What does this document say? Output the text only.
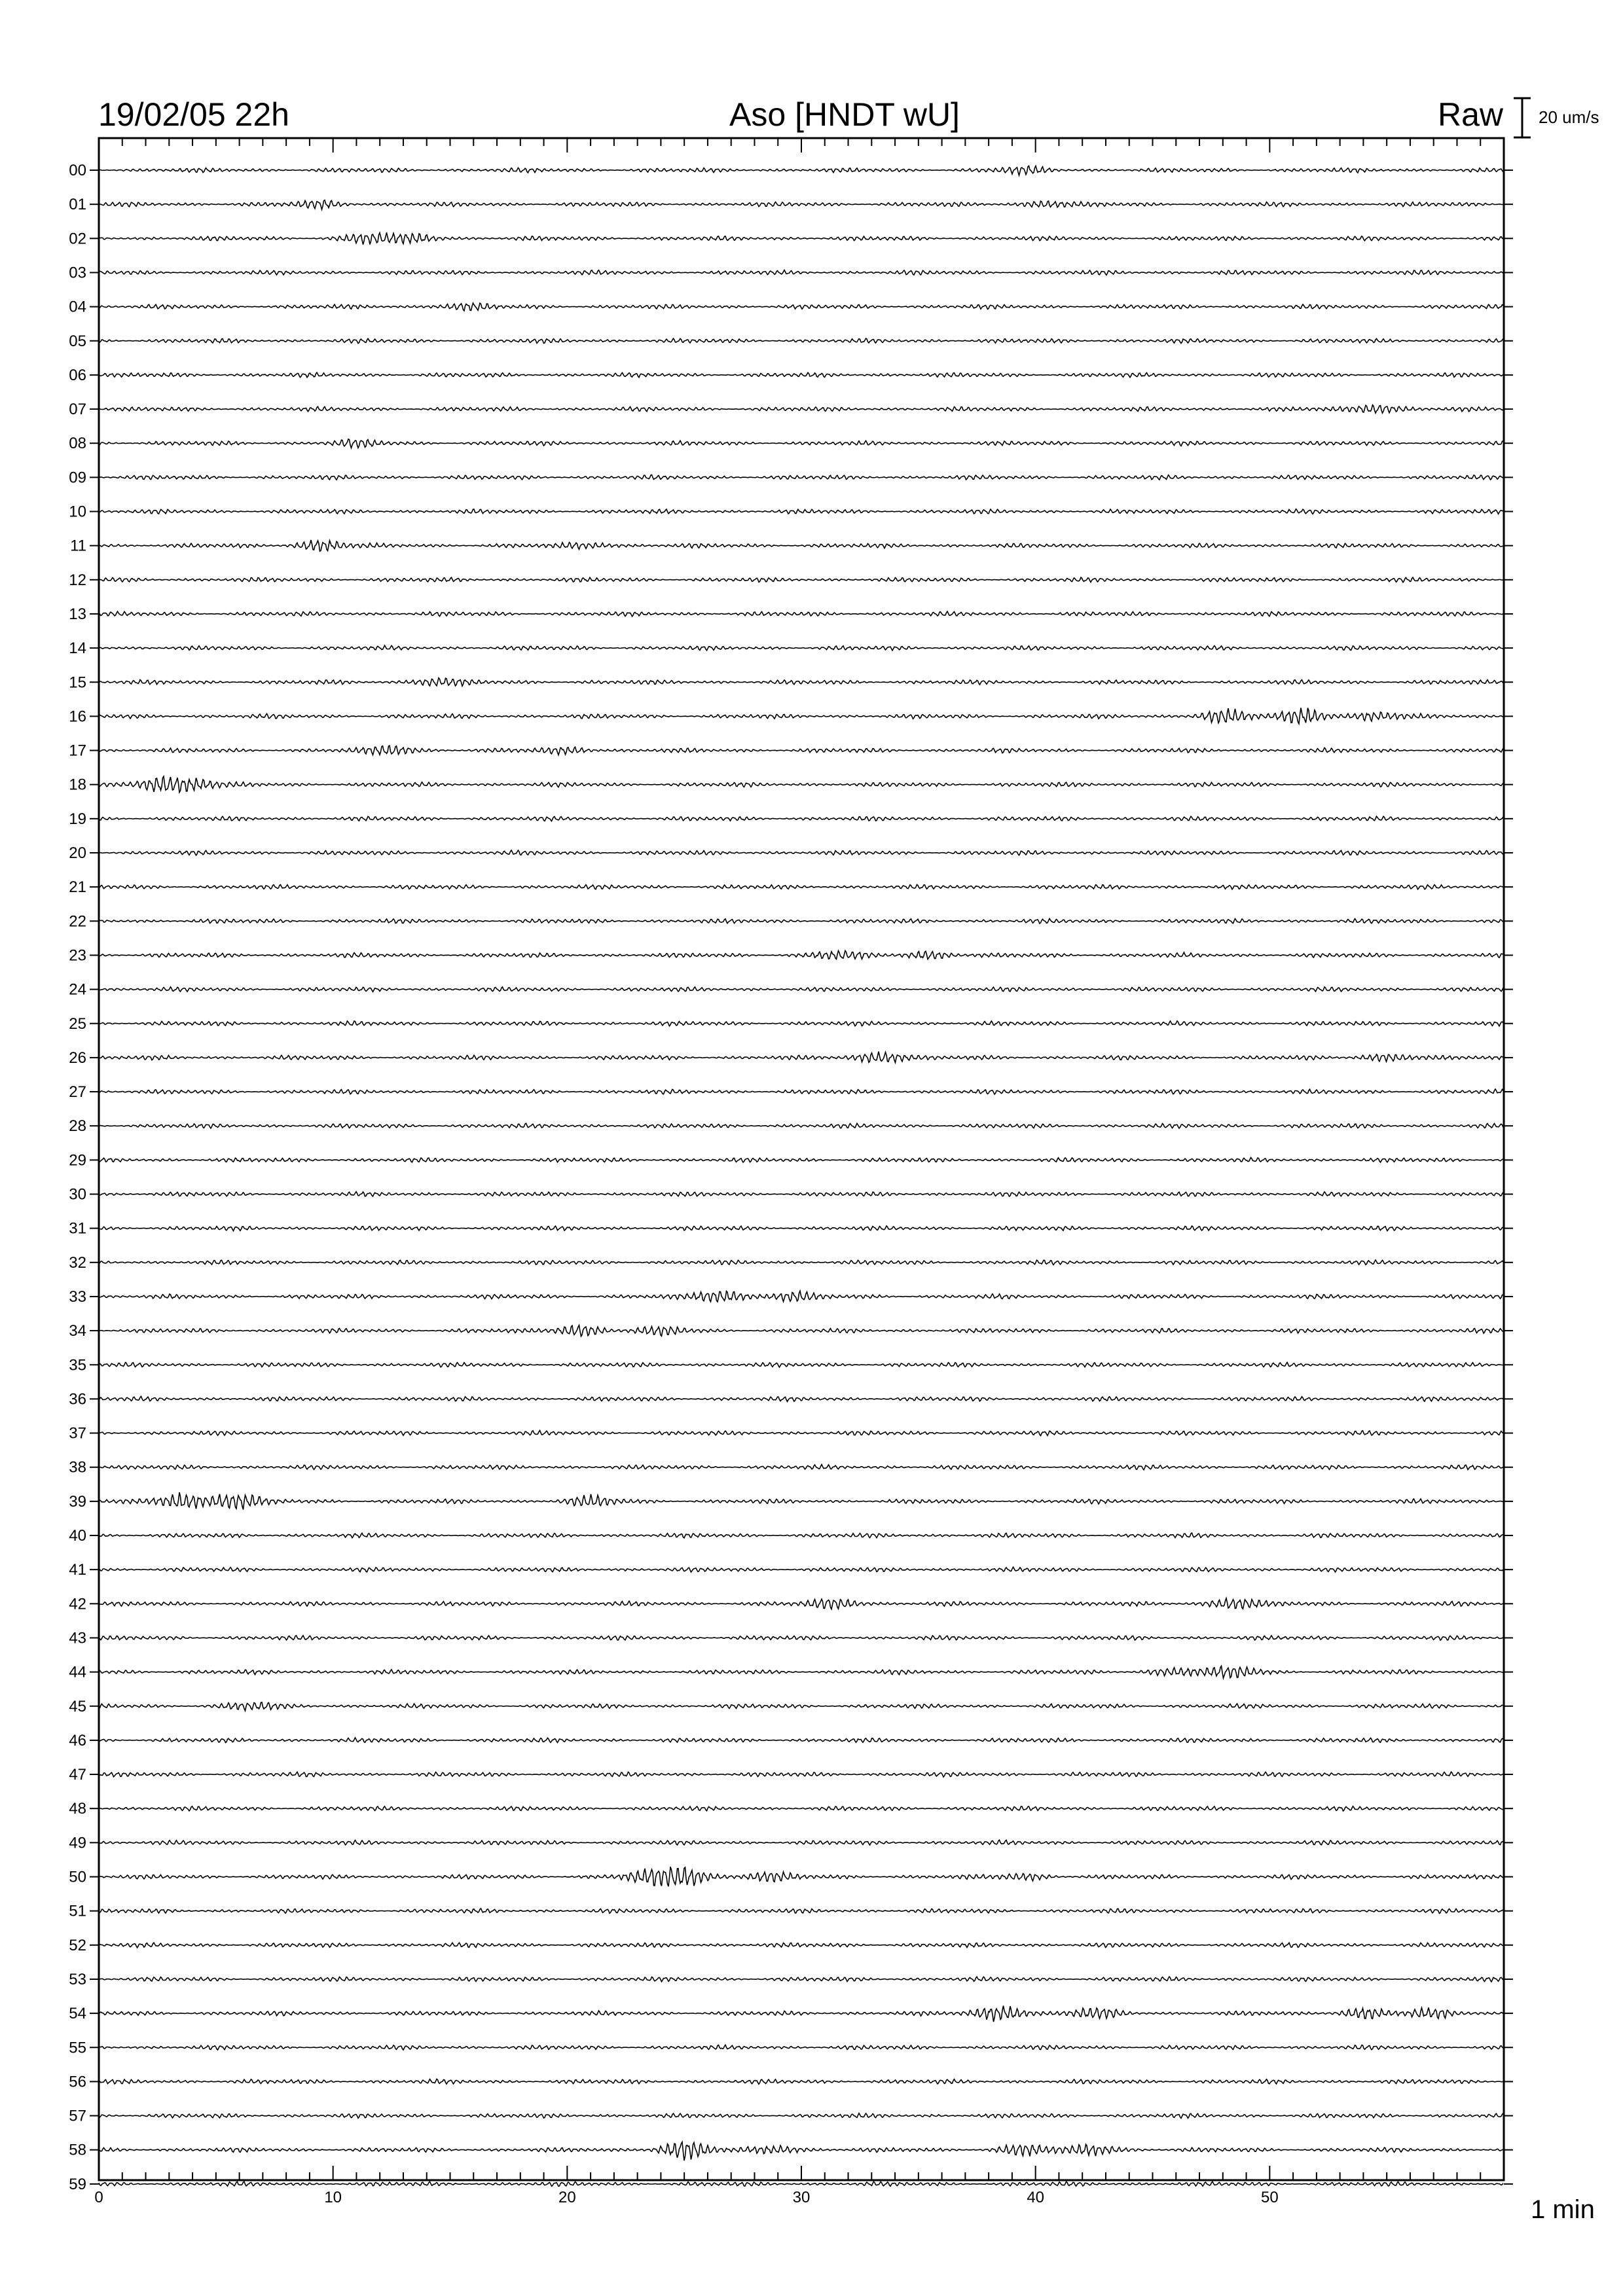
0	10	20	30	40	50
00
01
02
03
04
05
06
07
08
09
10
11
12
13
14
15
16
17
18
19
20
21
22
23
24
25
26
27
28
29
30
31
32
33
34
35
36
37
38
39
40
41
42
43
44
45
46
47
48
49
50
51
52
53
54
55
56
57
58
59
19/02/05 22h	Aso [HNDT wU]	Raw 20 um/s
1 min
